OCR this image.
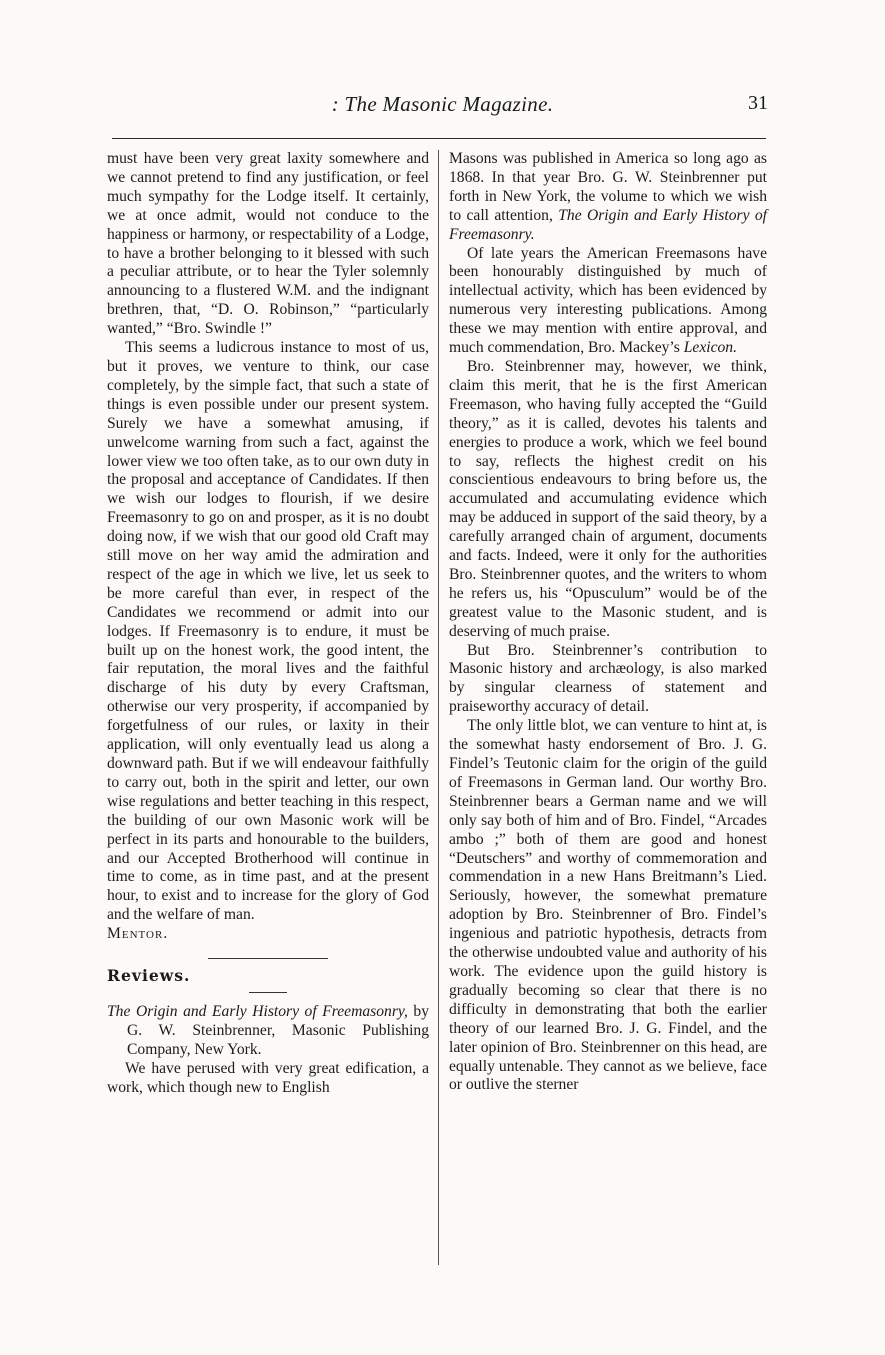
: The Masonic Magazine.	31

must have been very great laxity somewhere and we cannot pretend to find any justification, or feel much sympathy for the Lodge itself. It certainly, we at once admit, would not conduce to the happiness or harmony, or respectability of a Lodge, to have a brother belonging to it blessed with such a peculiar attribute, or to hear the Tyler solemnly announcing to a flustered W.M. and the indignant brethren, that, “D. O. Robinson,” “particularly wanted,” “Bro. Swindle !”

This seems a ludicrous instance to most of us, but it proves, we venture to think, our case completely, by the simple fact, that such a state of things is even possible under our present system. Surely we have a somewhat amusing, if unwelcome warning from such a fact, against the lower view we too often take, as to our own duty in the proposal and acceptance of Candidates. If then we wish our lodges to flourish, if we desire Freemasonry to go on and prosper, as it is no doubt doing now, if we wish that our good old Craft may still move on her way amid the admiration and respect of the age in which we live, let us seek to be more careful than ever, in respect of the Candidates we recommend or admit into our lodges. If Freemasonry is to endure, it must be built up on the honest work, the good intent, the fair reputation, the moral lives and the faithful discharge of his duty by every Craftsman, otherwise our very prosperity, if accompanied by forgetfulness of our rules, or laxity in their application, will only eventually lead us along a downward path. But if we will endeavour faithfully to carry out, both in the spirit and letter, our own wise regulations and better teaching in this respect, the building of our own Masonic work will be perfect in its parts and honourable to the builders, and our Accepted Brotherhood will continue in time to come, as in time past, and at the present hour, to exist and to increase for the glory of God and the welfare of man.

Mentor.

Reviews.

The Origin and Early History of Freemasonry, by G. W. Steinbrenner, Masonic Publishing Company, New York.

We have perused with very great edification, a work, which though new to English

Masons was published in America so long ago as 1868. In that year Bro. G. W. Steinbrenner put forth in New York, the volume to which we wish to call attention, The Origin and Early History of Freemasonry.

Of late years the American Freemasons have been honourably distinguished by much of intellectual activity, which has been evidenced by numerous very interesting publications. Among these we may mention with entire approval, and much commendation, Bro. Mackey’s Lexicon.

Bro. Steinbrenner may, however, we think, claim this merit, that he is the first American Freemason, who having fully accepted the “Guild theory,” as it is called, devotes his talents and energies to produce a work, which we feel bound to say, reflects the highest credit on his conscientious endeavours to bring before us, the accumulated and accumulating evidence which may be adduced in support of the said theory, by a carefully arranged chain of argument, documents and facts. Indeed, were it only for the authorities Bro. Steinbrenner quotes, and the writers to whom he refers us, his “Opusculum” would be of the greatest value to the Masonic student, and is deserving of much praise.

But Bro. Steinbrenner’s contribution to Masonic history and archæology, is also marked by singular clearness of statement and praiseworthy accuracy of detail.

The only little blot, we can venture to hint at, is the somewhat hasty endorsement of Bro. J. G. Findel’s Teutonic claim for the origin of the guild of Freemasons in German land. Our worthy Bro. Steinbrenner bears a German name and we will only say both of him and of Bro. Findel, “Arcades ambo ;” both of them are good and honest “Deutschers” and worthy of commemoration and commendation in a new Hans Breitmann’s Lied. Seriously, however, the somewhat premature adoption by Bro. Steinbrenner of Bro. Findel’s ingenious and patriotic hypothesis, detracts from the otherwise undoubted value and authority of his work. The evidence upon the guild history is gradually becoming so clear that there is no difficulty in demonstrating that both the earlier theory of our learned Bro. J. G. Findel, and the later opinion of Bro. Steinbrenner on this head, are equally untenable. They cannot as we believe, face or outlive the sterner
